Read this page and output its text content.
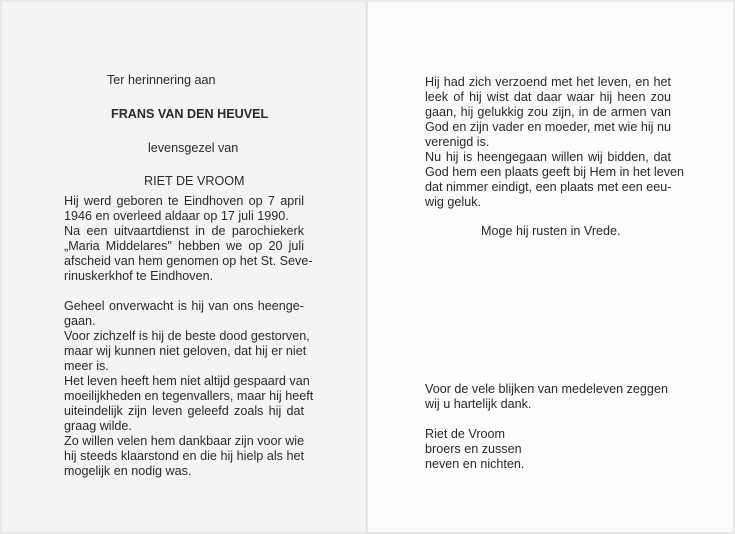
Ter herinnering aan
FRANS VAN DEN HEUVEL
levensgezel van
RIET DE VROOM
Hij werd geboren te Eindhoven op 7 april
1946 en overleed aldaar op 17 juli 1990.
Na een uitvaartdienst in de parochiekerk
„Maria Middelares" hebben we op 20 juli
afscheid van hem genomen op het St. Seve-
rinuskerkhof te Eindhoven.
Geheel onverwacht is hij van ons heenge-
gaan.
Voor zichzelf is hij de beste dood gestorven,
maar wij kunnen niet geloven, dat hij er niet
meer is.
Het leven heeft hem niet altijd gespaard van
moeilijkheden en tegenvallers, maar hij heeft
uiteindelijk zijn leven geleefd zoals hij dat
graag wilde.
Zo willen velen hem dankbaar zijn voor wie
hij steeds klaarstond en die hij hielp als het
mogelijk en nodig was.
Hij had zich verzoend met het leven, en het
leek of hij wist dat daar waar hij heen zou
gaan, hij gelukkig zou zijn, in de armen van
God en zijn vader en moeder, met wie hij nu
verenigd is.
Nu hij is heengegaan willen wij bidden, dat
God hem een plaats geeft bij Hem in het leven
dat nimmer eindigt, een plaats met een eeu-
wig geluk.
Moge hij rusten in Vrede.
Voor de vele blijken van medeleven zeggen
wij u hartelijk dank.
Riet de Vroom
broers en zussen
neven en nichten.
